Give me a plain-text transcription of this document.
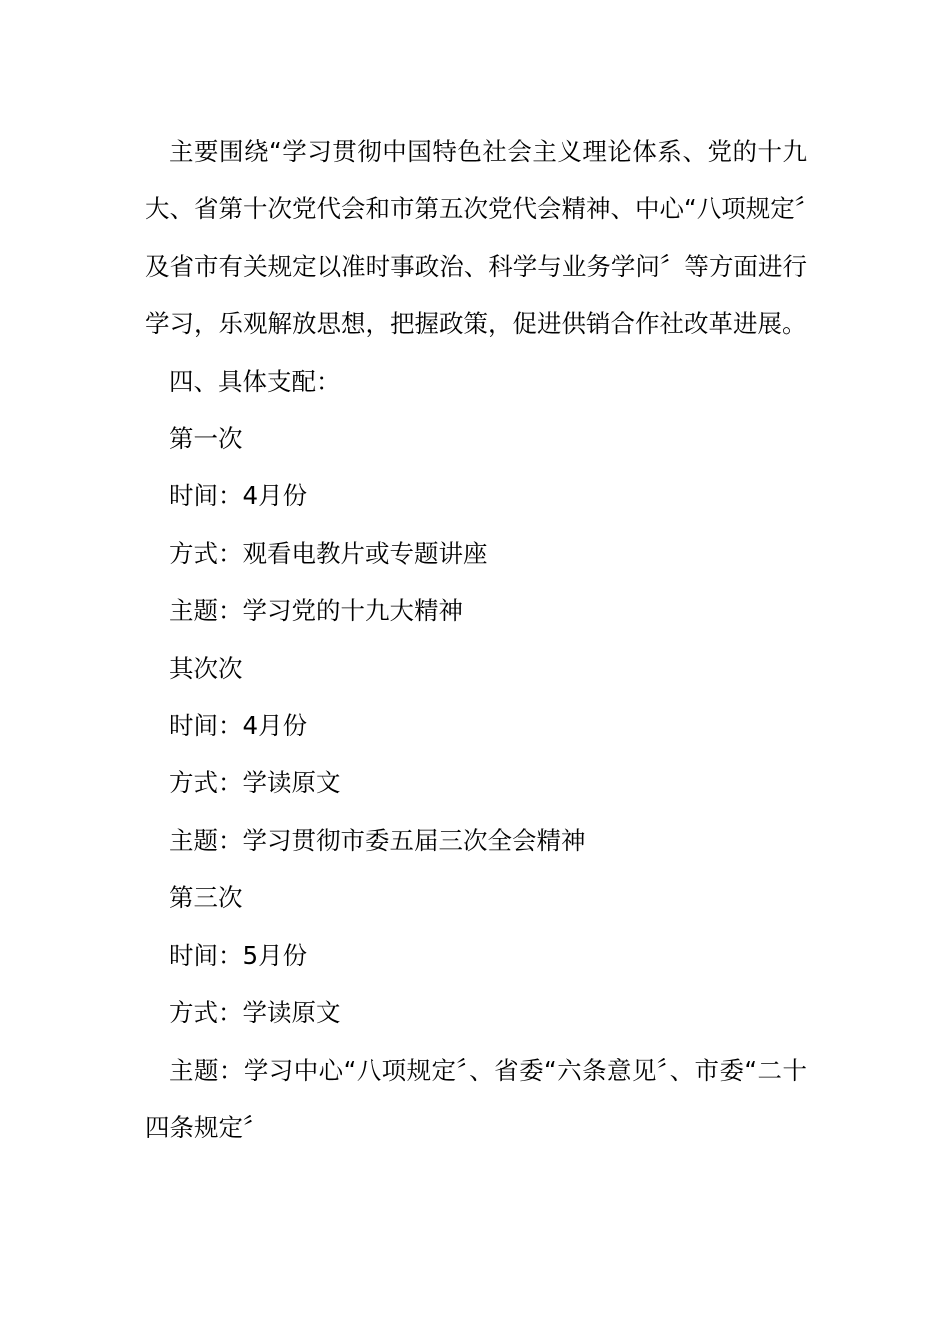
主要围绕“学习贯彻中国特色社会主义理论体系、党的十九大、省第十次党代会和市第五次党代会精神、中心“八项规定〞及省市有关规定以准时事政治、科学与业务学问〞等方面进行学习，乐观解放思想，把握政策，促进供销合作社改革进展。

四、具体支配：

第一次

时间：4月份

方式：观看电教片或专题讲座

主题：学习党的十九大精神

其次次

时间：4月份

方式：学读原文

主题：学习贯彻市委五届三次全会精神

第三次

时间：5月份

方式：学读原文

主题：学习中心“八项规定〞、省委“六条意见〞、市委“二十四条规定〞
